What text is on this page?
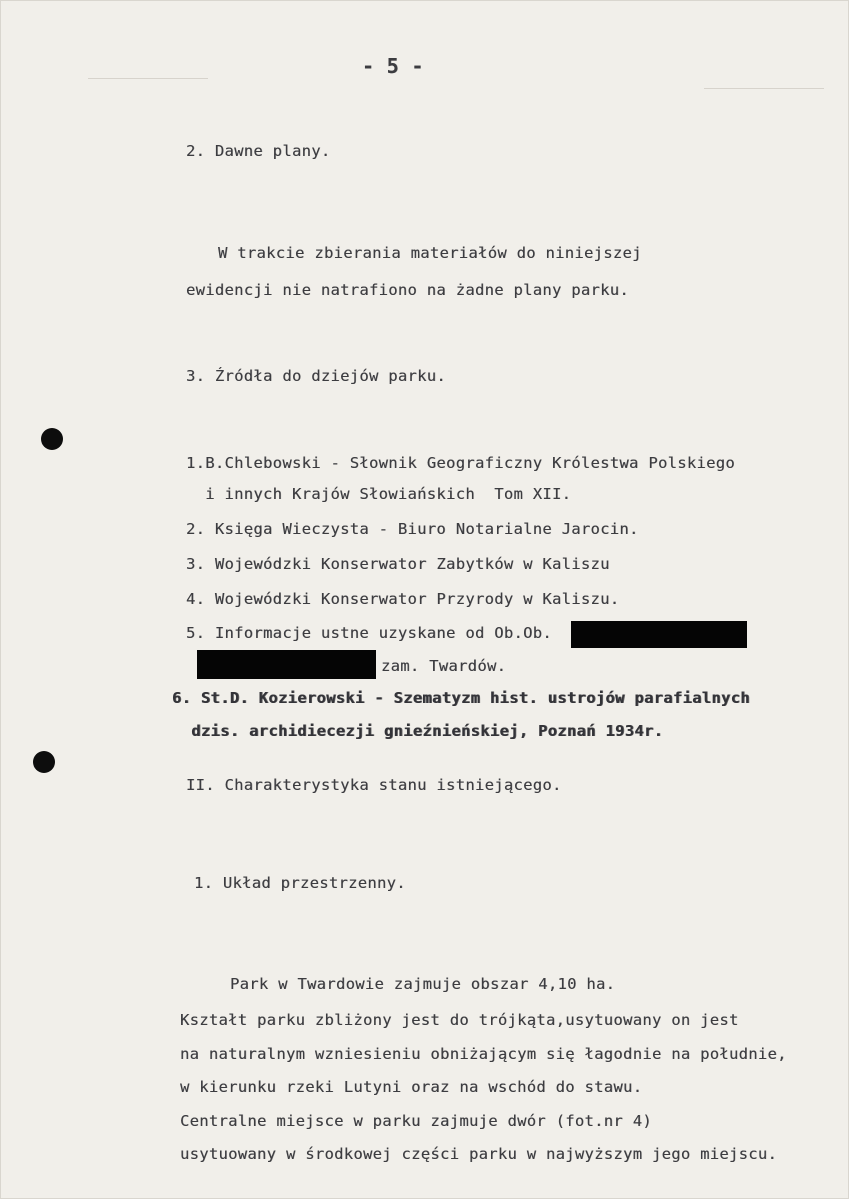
- 5 -
2. Dawne plany.
W trakcie zbierania materiałów do niniejszej
ewidencji nie natrafiono na żadne plany parku.
3. Źródła do dziejów parku.
1.B.Chlebowski - Słownik Geograficzny Królestwa Polskiego
i innych Krajów Słowiańskich  Tom XII.
2. Księga Wieczysta - Biuro Notarialne Jarocin.
3. Wojewódzki Konserwator Zabytków w Kaliszu
4. Wojewódzki Konserwator Przyrody w Kaliszu.
5. Informacje ustne uzyskane od Ob.Ob.
zam. Twardów.
6. St.D. Kozierowski - Szematyzm hist. ustrojów parafialnych
dzis. archidiecezji gnieźnieńskiej, Poznań 1934r.
II. Charakterystyka stanu istniejącego.
1. Układ przestrzenny.
Park w Twardowie zajmuje obszar 4,10 ha.
Kształt parku zbliżony jest do trójkąta,usytuowany on jest
na naturalnym wzniesieniu obniżającym się łagodnie na południe,
w kierunku rzeki Lutyni oraz na wschód do stawu.
Centralne miejsce w parku zajmuje dwór (fot.nr 4)
usytuowany w środkowej części parku w najwyższym jego miejscu.
